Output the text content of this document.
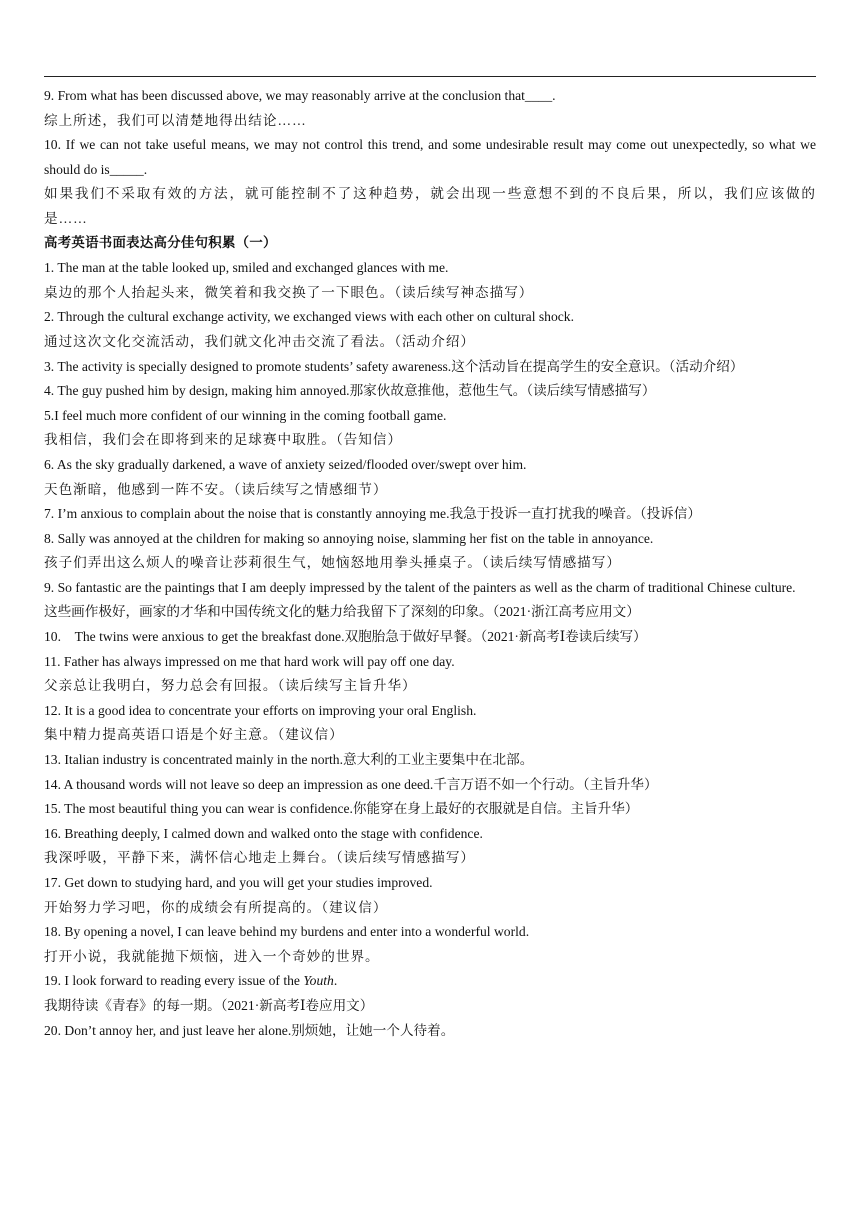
9. From what has been discussed above, we may reasonably arrive at the conclusion that____.

综上所述，我们可以清楚地得出结论……

10. If we can not take useful means, we may not control this trend, and some undesirable result may come out unexpectedly, so what we should do is_____.

如果我们不采取有效的方法，就可能控制不了这种趋势，就会出现一些意想不到的不良后果，所以，我们应该做的是……

高考英语书面表达高分佳句积累（一）

1. The man at the table looked up, smiled and exchanged glances with me.

桌边的那个人抬起头来，微笑着和我交换了一下眼色。（读后续写神态描写）

2. Through the cultural exchange activity, we exchanged views with each other on cultural shock.

通过这次文化交流活动，我们就文化冲击交流了看法。（活动介绍）

3. The activity is specially designed to promote students’ safety awareness.这个活动旨在提高学生的安全意识。（活动介绍）

4. The guy pushed him by design, making him annoyed.那家伙故意推他，惹他生气。（读后续写情感描写）

5.I feel much more confident of our winning in the coming football game.

我相信，我们会在即将到来的足球赛中取胜。（告知信）

6. As the sky gradually darkened, a wave of anxiety seized/flooded over/swept over him.

天色渐暗，他感到一阵不安。（读后续写之情感细节）

7. I’m anxious to complain about the noise that is constantly annoying me.我急于投诉一直打扰我的噪音。（投诉信）

8. Sally was annoyed at the children for making so annoying noise, slamming her fist on the table in annoyance.

孩子们弄出这么烦人的噪音让莎莉很生气，她恼怒地用拳头捶桌子。（读后续写情感描写）

9. So fantastic are the paintings that I am deeply impressed by the talent of the painters as well as the charm of traditional Chinese culture.

这些画作极好，画家的才华和中国传统文化的魅力给我留下了深刻的印象。（2021·浙江高考应用文）

10.　The twins were anxious to get the breakfast done.双胞胎急于做好早餐。（2021·新高考Ⅰ卷读后续写）

11. Father has always impressed on me that hard work will pay off one day.

父亲总让我明白，努力总会有回报。（读后续写主旨升华）

12. It is a good idea to concentrate your efforts on improving your oral English.

集中精力提高英语口语是个好主意。（建议信）

13. Italian industry is concentrated mainly in the north.意大利的工业主要集中在北部。

14. A thousand words will not leave so deep an impression as one deed.千言万语不如一个行动。（主旨升华）

15. The most beautiful thing you can wear is confidence.你能穿在身上最好的衣服就是自信。主旨升华）

16. Breathing deeply, I calmed down and walked onto the stage with confidence.

我深呼吸，平静下来，满怀信心地走上舞台。（读后续写情感描写）

17. Get down to studying hard, and you will get your studies improved.

开始努力学习吧，你的成绩会有所提高的。（建议信）

18. By opening a novel, I can leave behind my burdens and enter into a wonderful world.

打开小说，我就能抛下烦恼，进入一个奇妙的世界。

19. I look forward to reading every issue of the Youth.

我期待读《青春》的每一期。（2021·新高考Ⅰ卷应用文）

20. Don’t annoy her, and just leave her alone.别烦她，让她一个人待着。
